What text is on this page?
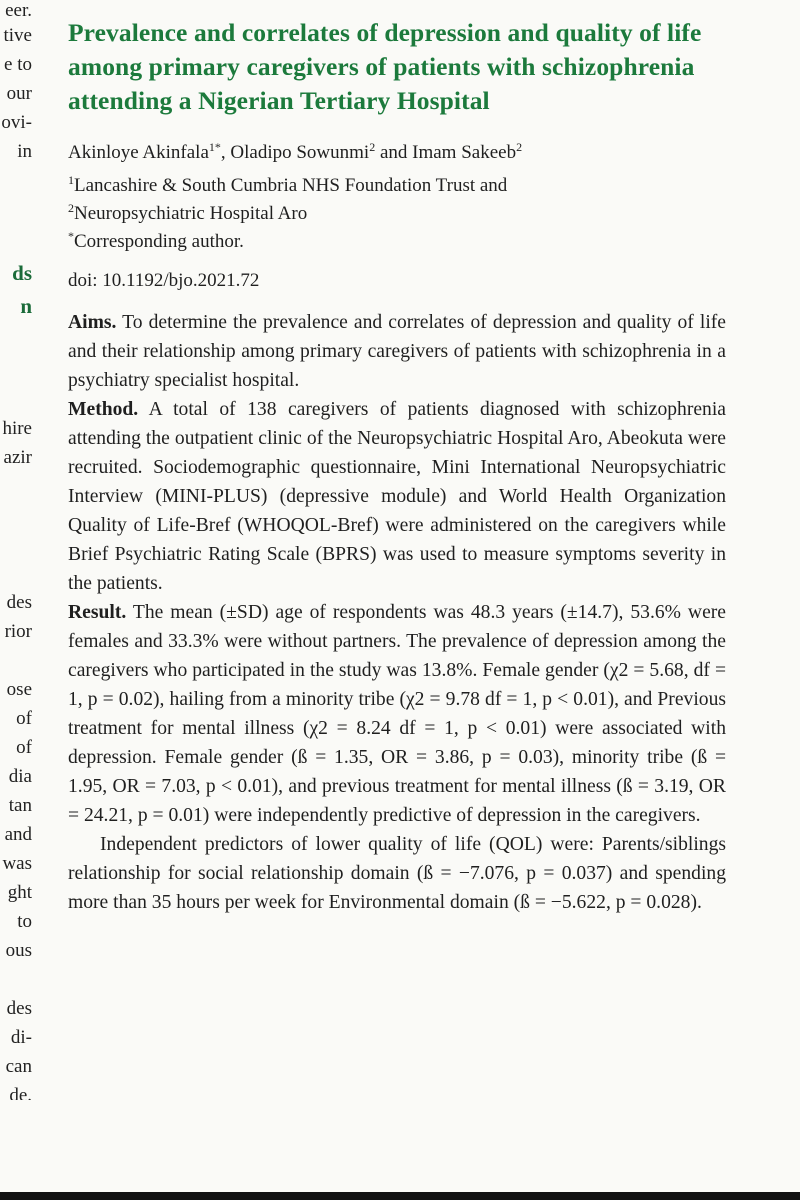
eer.
tive
e to
our
ovi-
in
ds
n
hire
azir
des
rior
ose
of
of
dia
tan
and
was
ght
to
ous
des
di-
can
de.
Prevalence and correlates of depression and quality of life among primary caregivers of patients with schizophrenia attending a Nigerian Tertiary Hospital
Akinloye Akinfala$^{1*}$, Oladipo Sowunmi$^2$ and Imam Sakeeb$^2$
$^1$Lancashire & South Cumbria NHS Foundation Trust and
$^2$Neuropsychiatric Hospital Aro
*Corresponding author.
doi: 10.1192/bjo.2021.72

Aims. To determine the prevalence and correlates of depression and quality of life and their relationship among primary caregivers of patients with schizophrenia in a psychiatry specialist hospital.

Method. A total of 138 caregivers of patients diagnosed with schizophrenia attending the outpatient clinic of the Neuropsychiatric Hospital Aro, Abeokuta were recruited. Sociodemographic questionnaire, Mini International Neuropsychiatric Interview (MINI-PLUS) (depressive module) and World Health Organization Quality of Life-Bref (WHOQOL-Bref) were administered on the caregivers while Brief Psychiatric Rating Scale (BPRS) was used to measure symptoms severity in the patients.

Result. The mean (±SD) age of respondents was 48.3 years (±14.7), 53.6% were females and 33.3% were without partners. The prevalence of depression among the caregivers who participated in the study was 13.8%. Female gender (χ2 = 5.68, df = 1, p = 0.02), hailing from a minority tribe (χ2 = 9.78 df = 1, p < 0.01), and Previous treatment for mental illness (χ2 = 8.24 df = 1, p < 0.01) were associated with depression. Female gender (ß = 1.35, OR = 3.86, p = 0.03), minority tribe (ß = 1.95, OR = 7.03, p < 0.01), and previous treatment for mental illness (ß = 3.19, OR = 24.21, p = 0.01) were independently predictive of depression in the caregivers.

Independent predictors of lower quality of life (QOL) were: Parents/siblings relationship for social relationship domain (ß = −7.076, p = 0.037) and spending more than 35 hours per week for Environmental domain (ß = −5.622, p = 0.028).
